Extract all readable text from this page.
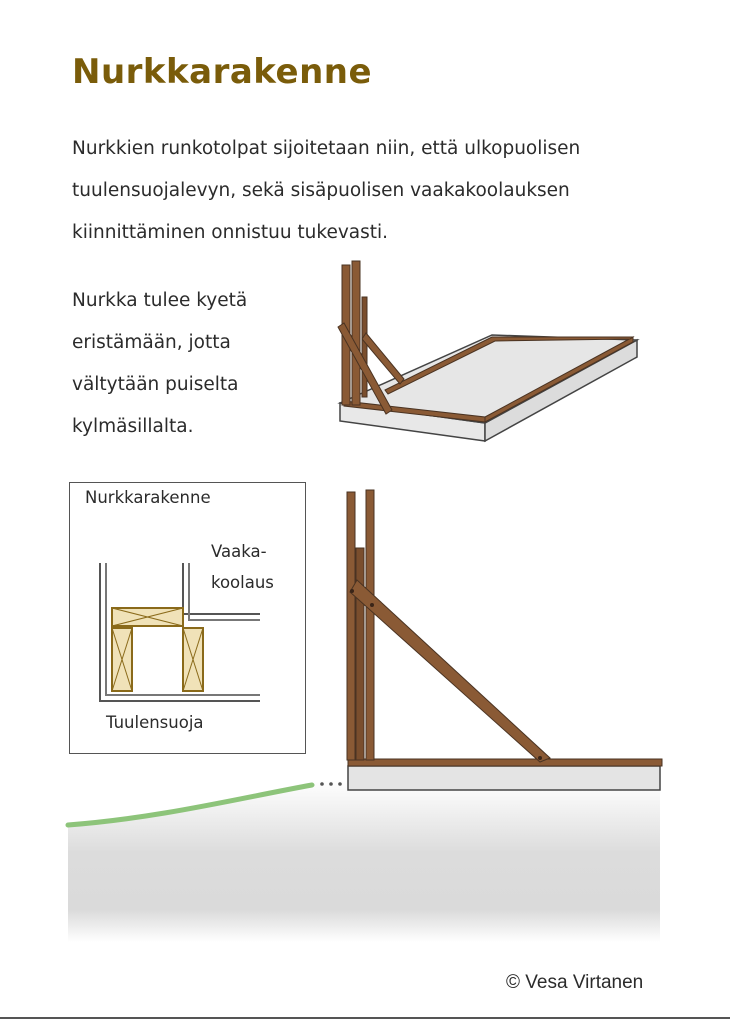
Nurkkarakenne

Nurkkien runkotolpat sijoitetaan niin, että ulkopuolisen
tuulensuojalevyn, sekä sisäpuolisen vaakakoolauksen
kiinnittäminen onnistuu tukevasti.

Nurkka tulee kyetä
eristämään, jotta
vältytään puiselta
kylmäsillalta.

Nurkkarakenne
Vaaka-
koolaus
Tuulensuoja
© Vesa Virtanen
